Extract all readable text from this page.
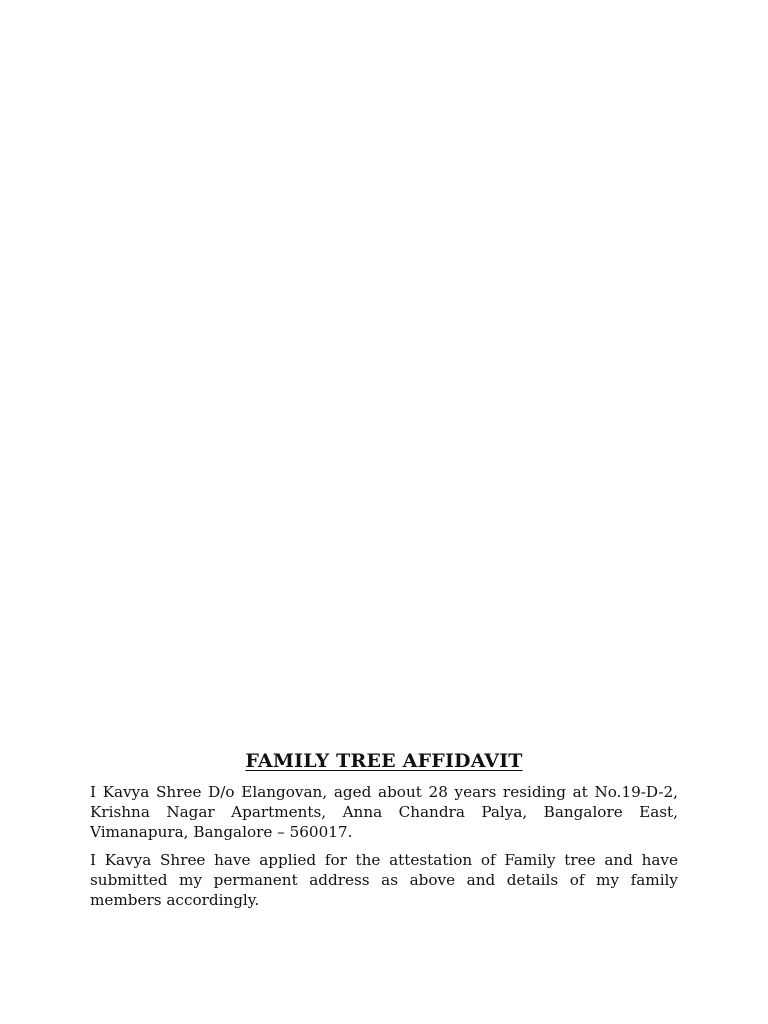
FAMILY TREE AFFIDAVIT

I Kavya Shree D/o Elangovan, aged about 28 years residing at No.19-D-2, Krishna Nagar Apartments, Anna Chandra Palya, Bangalore East, Vimanapura, Bangalore – 560017.

I Kavya Shree have applied for the attestation of Family tree and have submitted my permanent address as above and details of my family members accordingly.
